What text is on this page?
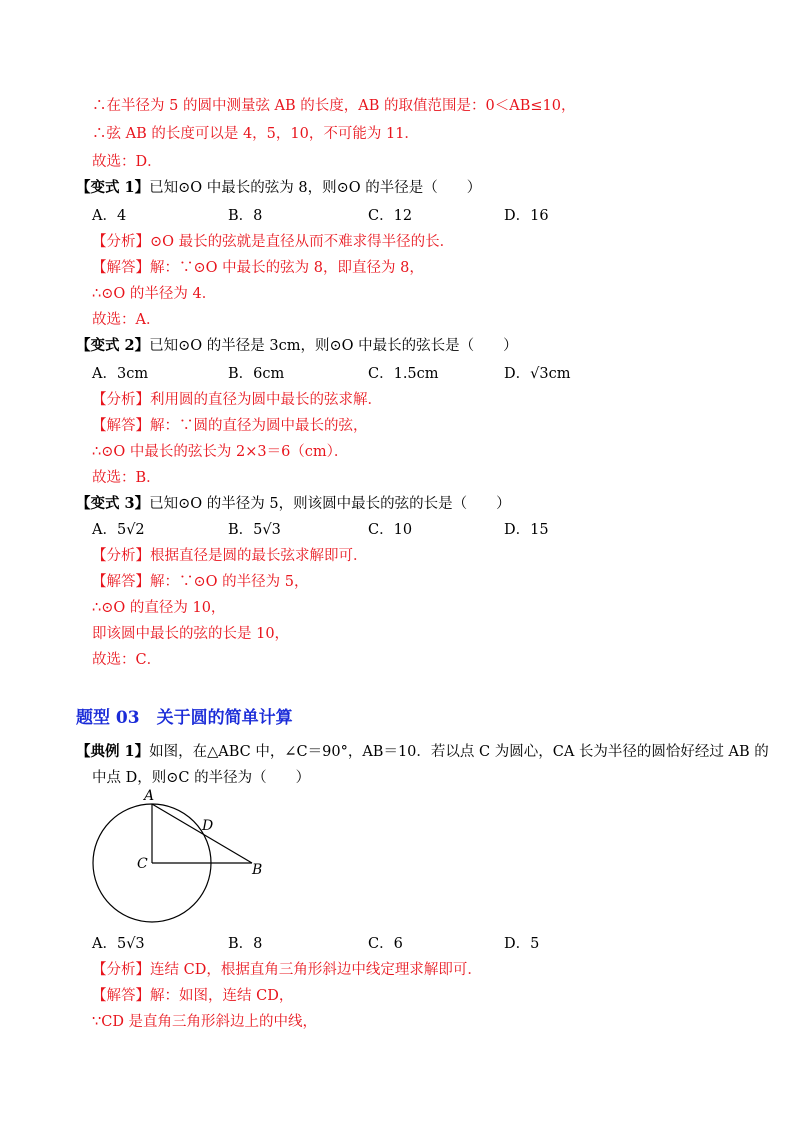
∴在半径为 5 的圆中测量弦 AB 的长度，AB 的取值范围是：0＜AB≤10，
∴弦 AB 的长度可以是 4，5，10，不可能为 11．
故选：D．
【变式 1】已知⊙O 中最长的弦为 8，则⊙O 的半径是（　　）
A．4	B．8	C．12	D．16
【分析】⊙O 最长的弦就是直径从而不难求得半径的长．
【解答】解：∵⊙O 中最长的弦为 8，即直径为 8，
∴⊙O 的半径为 4．
故选：A．
【变式 2】已知⊙O 的半径是 3cm，则⊙O 中最长的弦长是（　　）
A．3cm	B．6cm	C．1.5cm	D．√3cm
【分析】利用圆的直径为圆中最长的弦求解．
【解答】解：∵圆的直径为圆中最长的弦，
∴⊙O 中最长的弦长为 2×3＝6（cm）．
故选：B．
【变式 3】已知⊙O 的半径为 5，则该圆中最长的弦的长是（　　）
A．5√2	B．5√3	C．10	D．15
【分析】根据直径是圆的最长弦求解即可．
【解答】解：∵⊙O 的半径为 5，
∴⊙O 的直径为 10，
即该圆中最长的弦的长是 10，
故选：C．
题型 03　关于圆的简单计算
【典例 1】如图，在△ABC 中，∠C＝90°，AB＝10．若以点 C 为圆心，CA 长为半径的圆恰好经过 AB 的
中点 D，则⊙C 的半径为（　　）
A
D
C	B
A．5√3	B．8	C．6	D．5
【分析】连结 CD，根据直角三角形斜边中线定理求解即可．
【解答】解：如图，连结 CD，
∵CD 是直角三角形斜边上的中线，
